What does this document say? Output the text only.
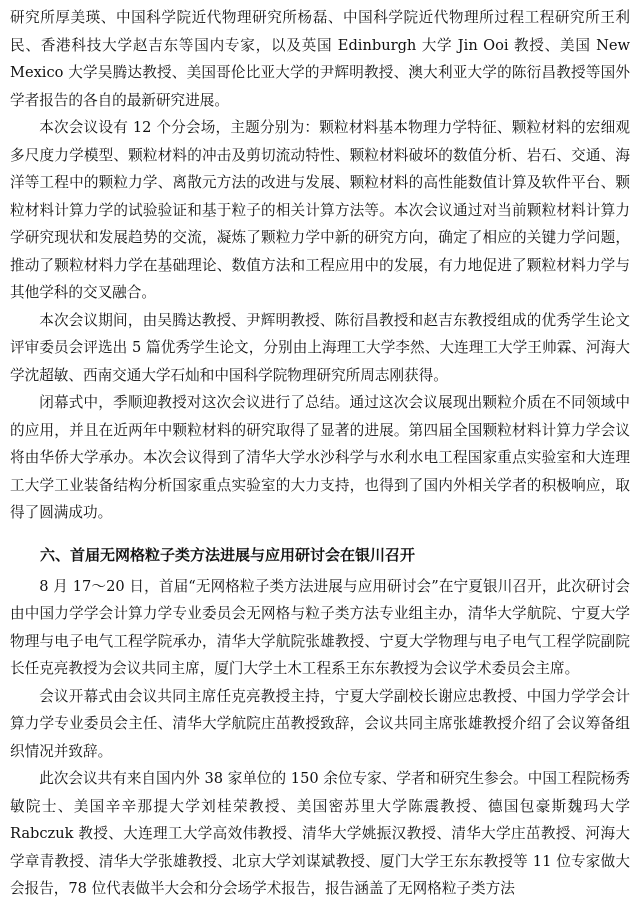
研究所厚美瑛、中国科学院近代物理研究所杨磊、中国科学院近代物理所过程工程研究所王利民、香港科技大学赵吉东等国内专家，以及英国 Edinburgh 大学 Jin Ooi 教授、美国 New Mexico 大学吴腾达教授、美国哥伦比亚大学的尹辉明教授、澳大利亚大学的陈衍昌教授等国外学者报告的各自的最新研究进展。

本次会议设有 12 个分会场，主题分别为：颗粒材料基本物理力学特征、颗粒材料的宏细观多尺度力学模型、颗粒材料的冲击及剪切流动特性、颗粒材料破坏的数值分析、岩石、交通、海洋等工程中的颗粒力学、离散元方法的改进与发展、颗粒材料的高性能数值计算及软件平台、颗粒材料计算力学的试验验证和基于粒子的相关计算方法等。本次会议通过对当前颗粒材料计算力学研究现状和发展趋势的交流，凝炼了颗粒力学中新的研究方向，确定了相应的关键力学问题，推动了颗粒材料力学在基础理论、数值方法和工程应用中的发展，有力地促进了颗粒材料力学与其他学科的交叉融合。

本次会议期间，由吴腾达教授、尹辉明教授、陈衍昌教授和赵吉东教授组成的优秀学生论文评审委员会评选出 5 篇优秀学生论文，分别由上海理工大学李然、大连理工大学王帅霖、河海大学沈超敏、西南交通大学石灿和中国科学院物理研究所周志刚获得。

闭幕式中，季顺迎教授对这次会议进行了总结。通过这次会议展现出颗粒介质在不同领域中的应用，并且在近两年中颗粒材料的研究取得了显著的进展。第四届全国颗粒材料计算力学会议将由华侨大学承办。本次会议得到了清华大学水沙科学与水利水电工程国家重点实验室和大连理工大学工业装备结构分析国家重点实验室的大力支持，也得到了国内外相关学者的积极响应，取得了圆满成功。

六、首届无网格粒子类方法进展与应用研讨会在银川召开

8 月 17～20 日，首届“无网格粒子类方法进展与应用研讨会”在宁夏银川召开，此次研讨会由中国力学学会计算力学专业委员会无网格与粒子类方法专业组主办，清华大学航院、宁夏大学物理与电子电气工程学院承办，清华大学航院张雄教授、宁夏大学物理与电子电气工程学院副院长任克亮教授为会议共同主席，厦门大学土木工程系王东东教授为会议学术委员会主席。

会议开幕式由会议共同主席任克亮教授主持，宁夏大学副校长谢应忠教授、中国力学学会计算力学专业委员会主任、清华大学航院庄茁教授致辞，会议共同主席张雄教授介绍了会议筹备组织情况并致辞。

此次会议共有来自国内外 38 家单位的 150 余位专家、学者和研究生参会。中国工程院杨秀敏院士、美国辛辛那提大学刘桂荣教授、美国密苏里大学陈震教授、德国包豪斯魏玛大学 Rabczuk 教授、大连理工大学高效伟教授、清华大学姚振汉教授、清华大学庄茁教授、河海大学章青教授、清华大学张雄教授、北京大学刘谋斌教授、厦门大学王东东教授等 11 位专家做大会报告，78 位代表做半大会和分会场学术报告，报告涵盖了无网格粒子类方法
